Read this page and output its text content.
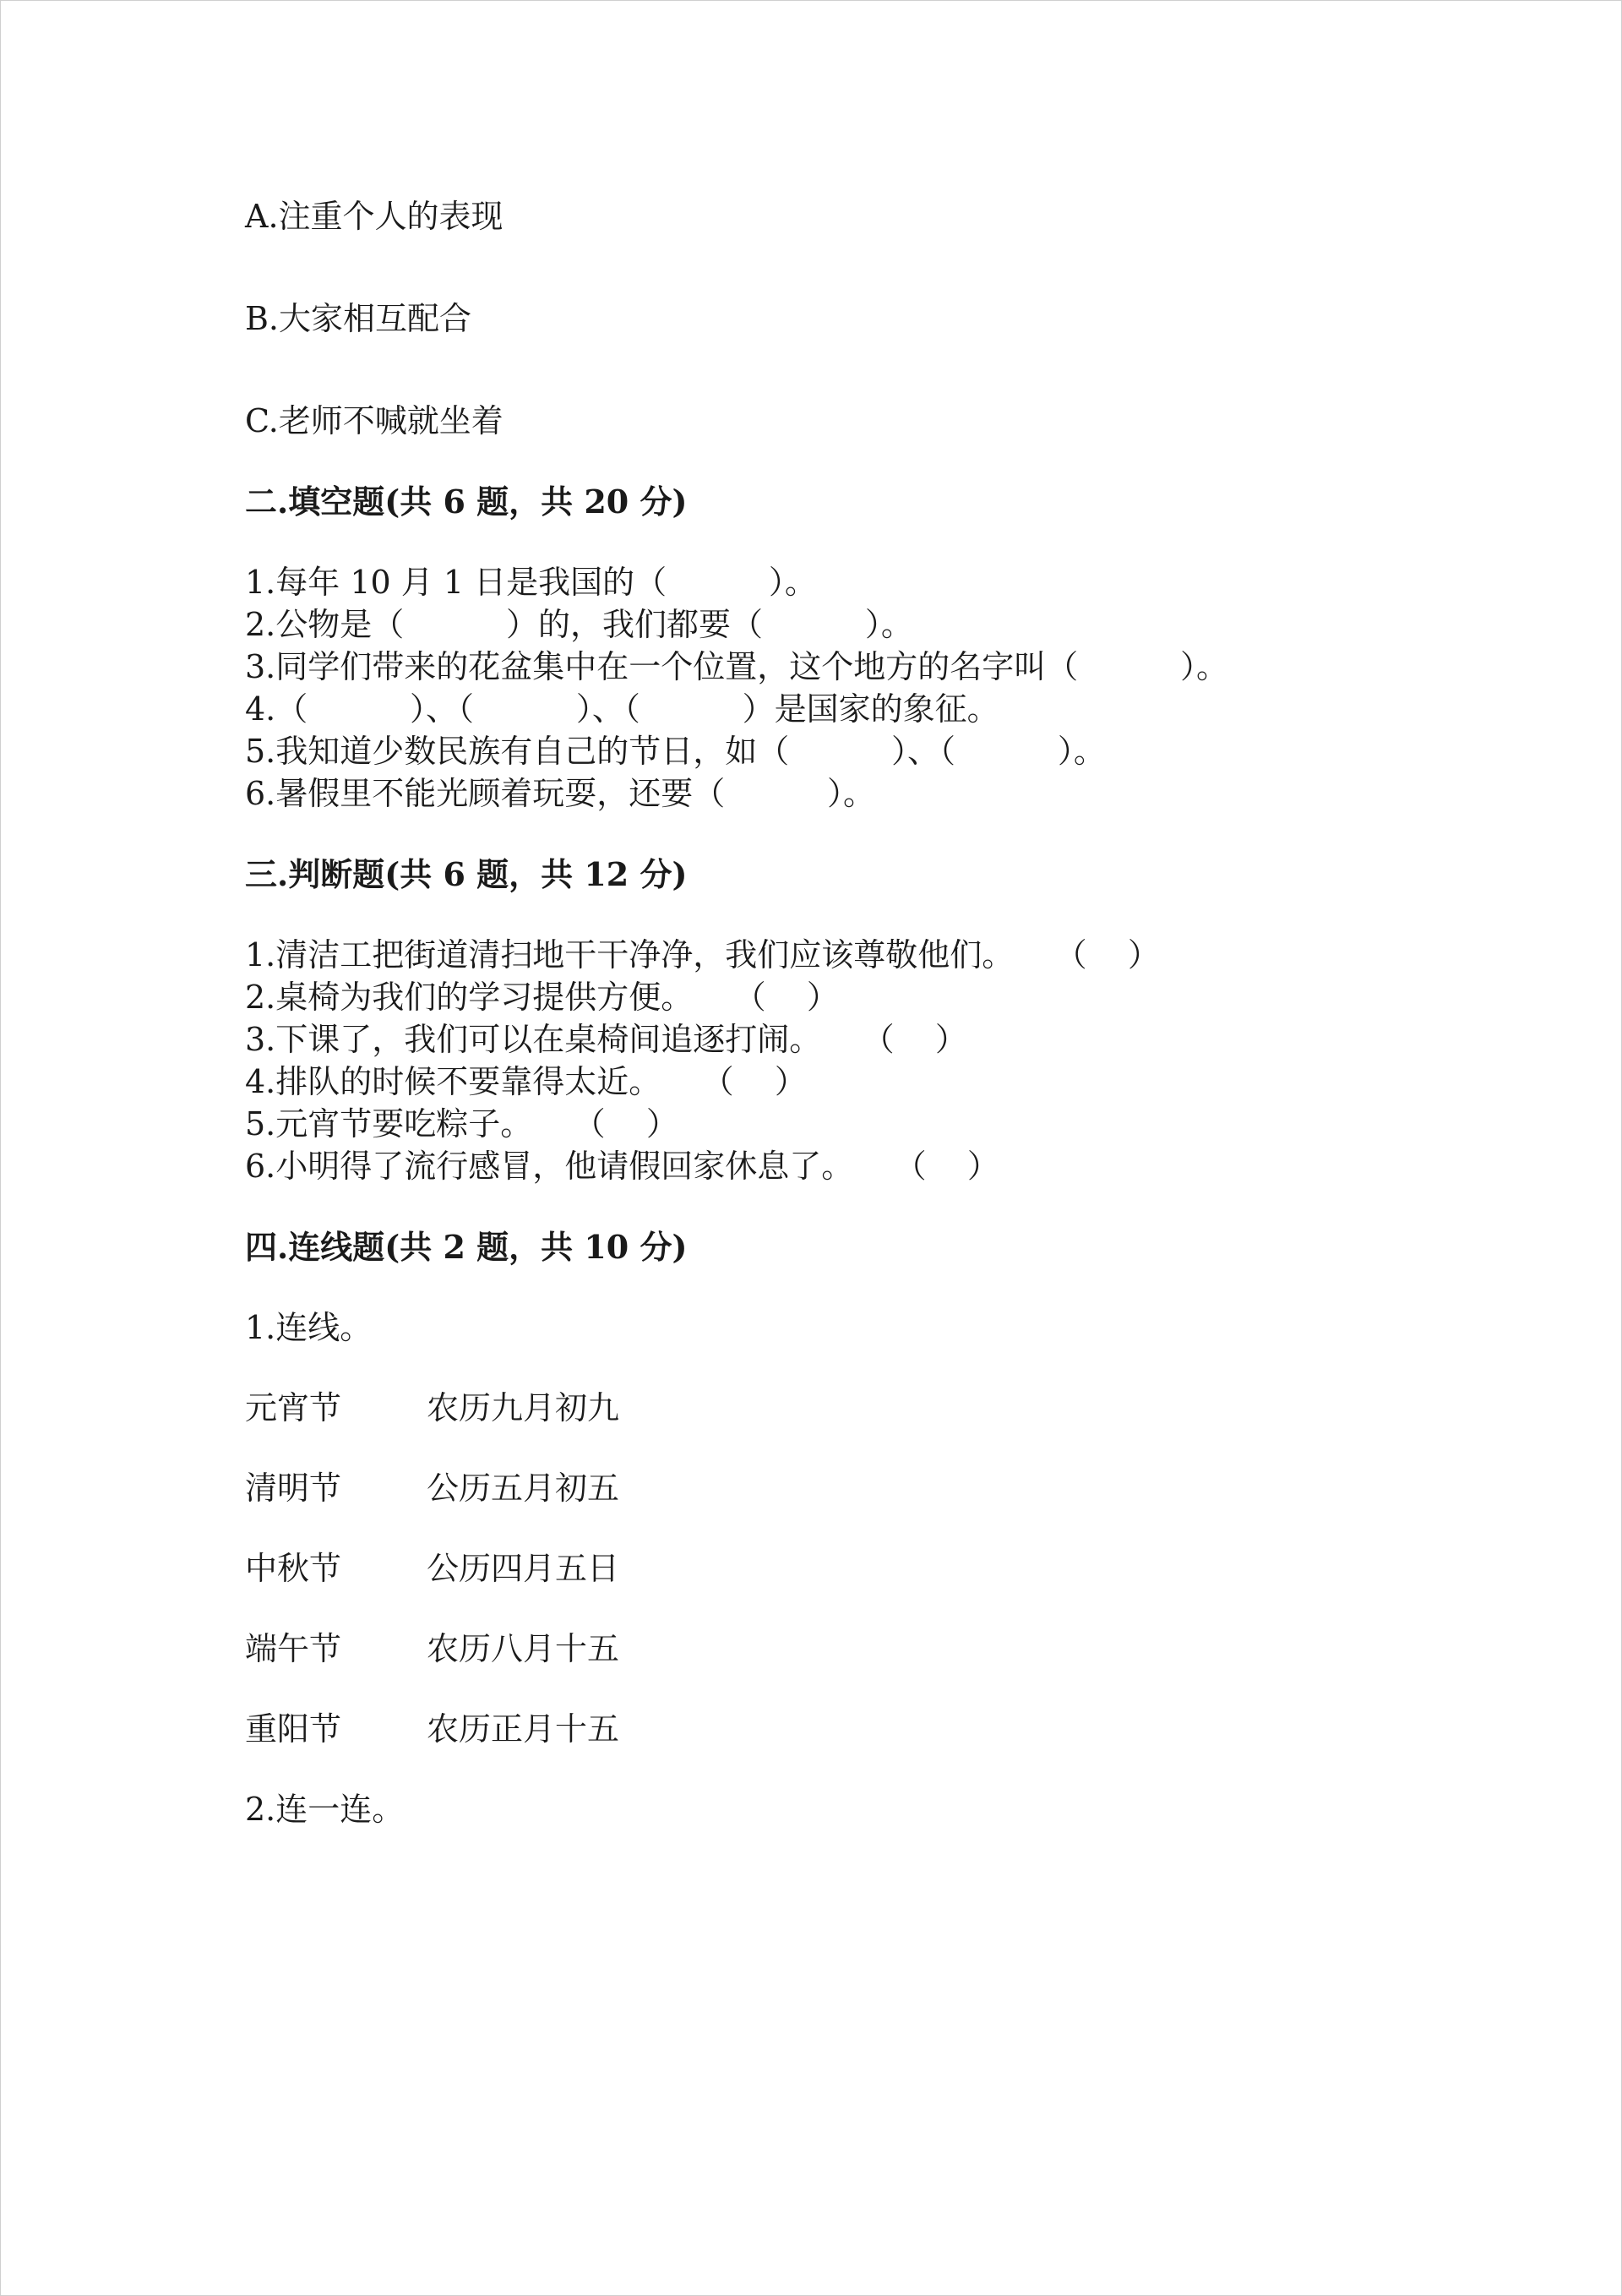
A.注重个人的表现
B.大家相互配合
C.老师不喊就坐着
二.填空题(共 6 题，共 20 分)
1.每年 10 月 1 日是我国的（          ）。
2.公物是（          ）的，我们都要（          ）。
3.同学们带来的花盆集中在一个位置，这个地方的名字叫（          ）。
4.（          ）、（          ）、（          ）是国家的象征。
5.我知道少数民族有自己的节日，如（          ）、（          ）。
6.暑假里不能光顾着玩耍，还要（          ）。
三.判断题(共 6 题，共 12 分)
1.清洁工把街道清扫地干干净净，我们应该尊敬他们。    （    ）
2.桌椅为我们的学习提供方便。    （    ）
3.下课了，我们可以在桌椅间追逐打闹。    （    ）
4.排队的时候不要靠得太近。    （    ）
5.元宵节要吃粽子。    （    ）
6.小明得了流行感冒，他请假回家休息了。    （    ）
四.连线题(共 2 题，共 10 分)
1.连线。
元宵节	农历九月初九
清明节	公历五月初五
中秋节	公历四月五日
端午节	农历八月十五
重阳节	农历正月十五
2.连一连。
